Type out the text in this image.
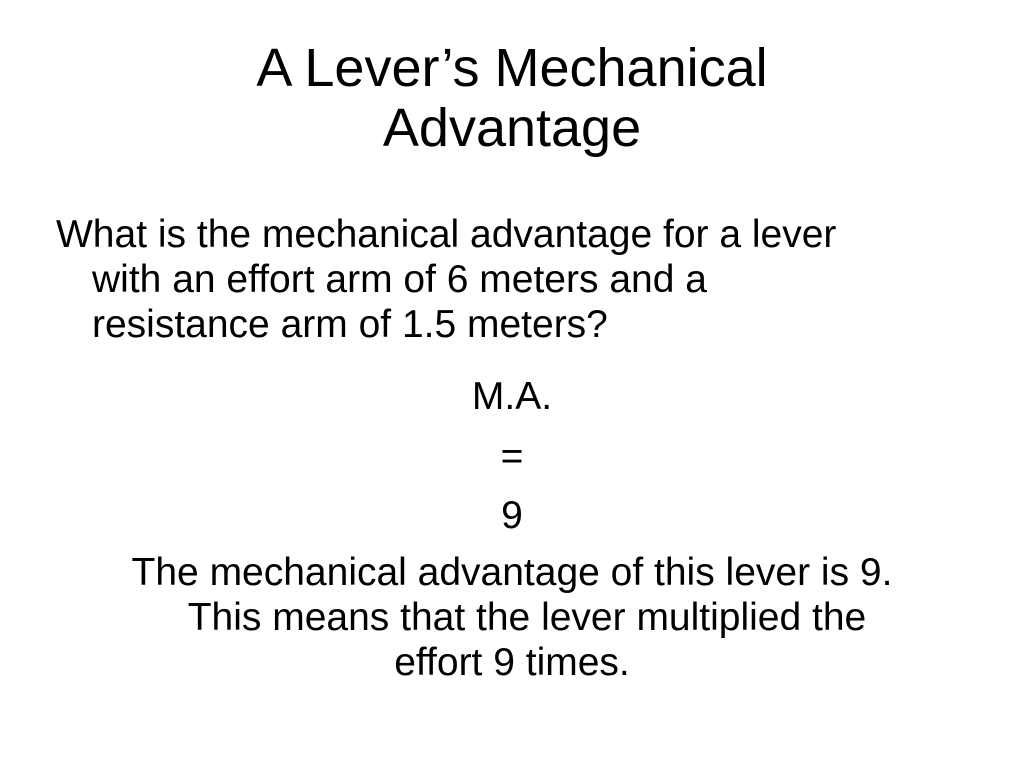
A Lever’s Mechanical
Advantage
What is the mechanical advantage for a lever
with an effort arm of 6 meters and a
resistance arm of 1.5 meters?
M.A.
=
9
The mechanical advantage of this lever is 9.
This means that the lever multiplied the
effort 9 times.
